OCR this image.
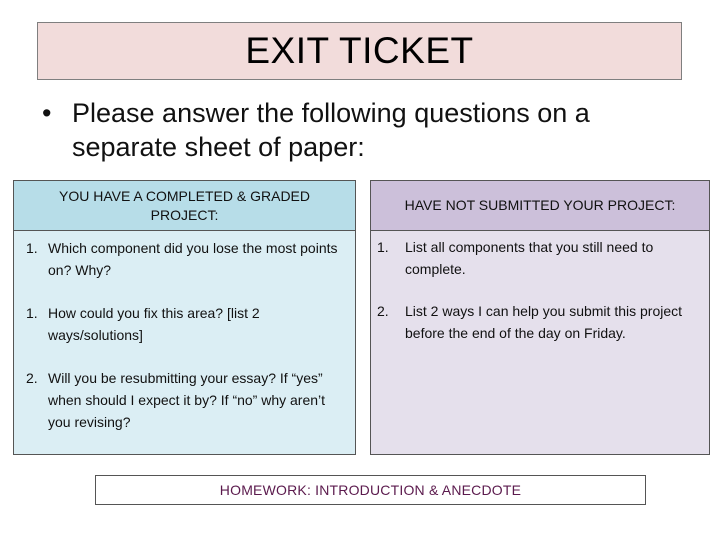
EXIT TICKET
• Please answer the following questions on a separate sheet of paper:
YOU HAVE A COMPLETED & GRADED PROJECT:
1. Which component did you lose the most points on? Why?
1. How could you fix this area? [list 2 ways/solutions]
2. Will you be resubmitting your essay? If “yes” when should I expect it by? If “no” why aren’t you revising?
HAVE NOT SUBMITTED YOUR PROJECT:
1. List all components that you still need to complete.
2. List 2 ways I can help you submit this project before the end of the day on Friday.
HOMEWORK: INTRODUCTION & ANECDOTE
